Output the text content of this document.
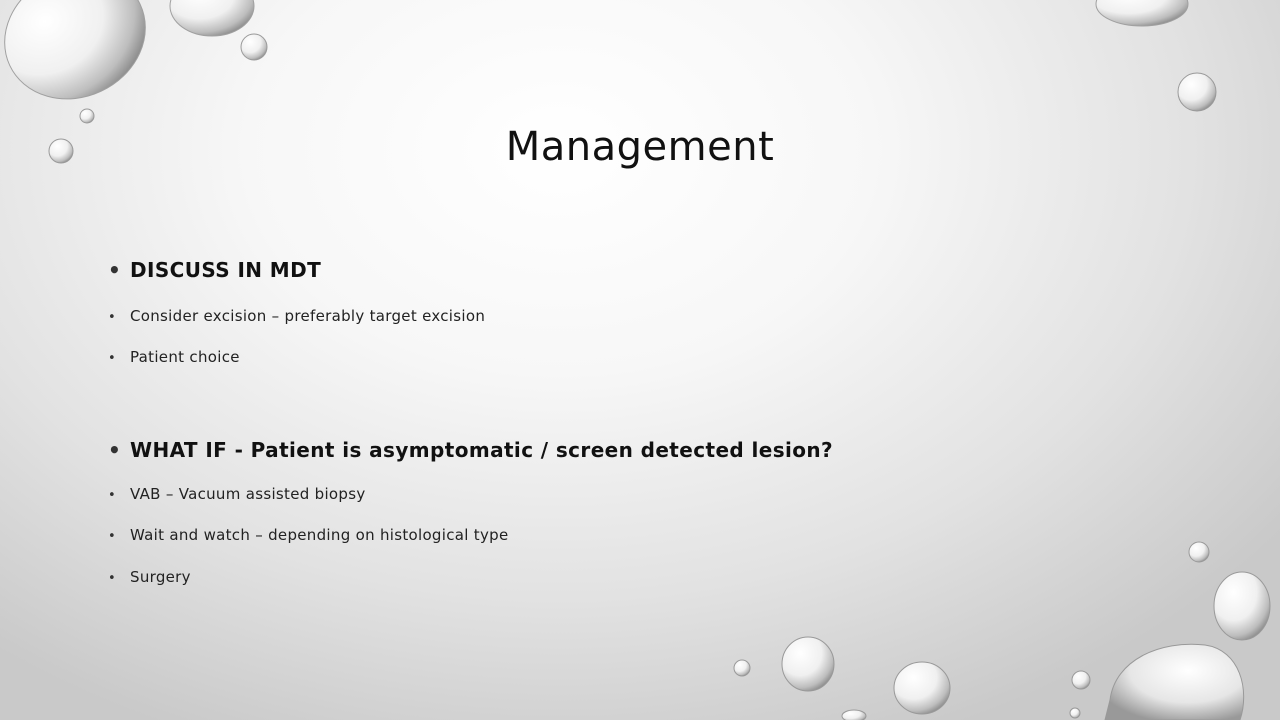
Management
• DISCUSS IN MDT
• Consider excision – preferably target excision
• Patient choice
• WHAT IF - Patient is asymptomatic / screen detected lesion?
• VAB – Vacuum assisted biopsy
• Wait and watch – depending on histological type
• Surgery
